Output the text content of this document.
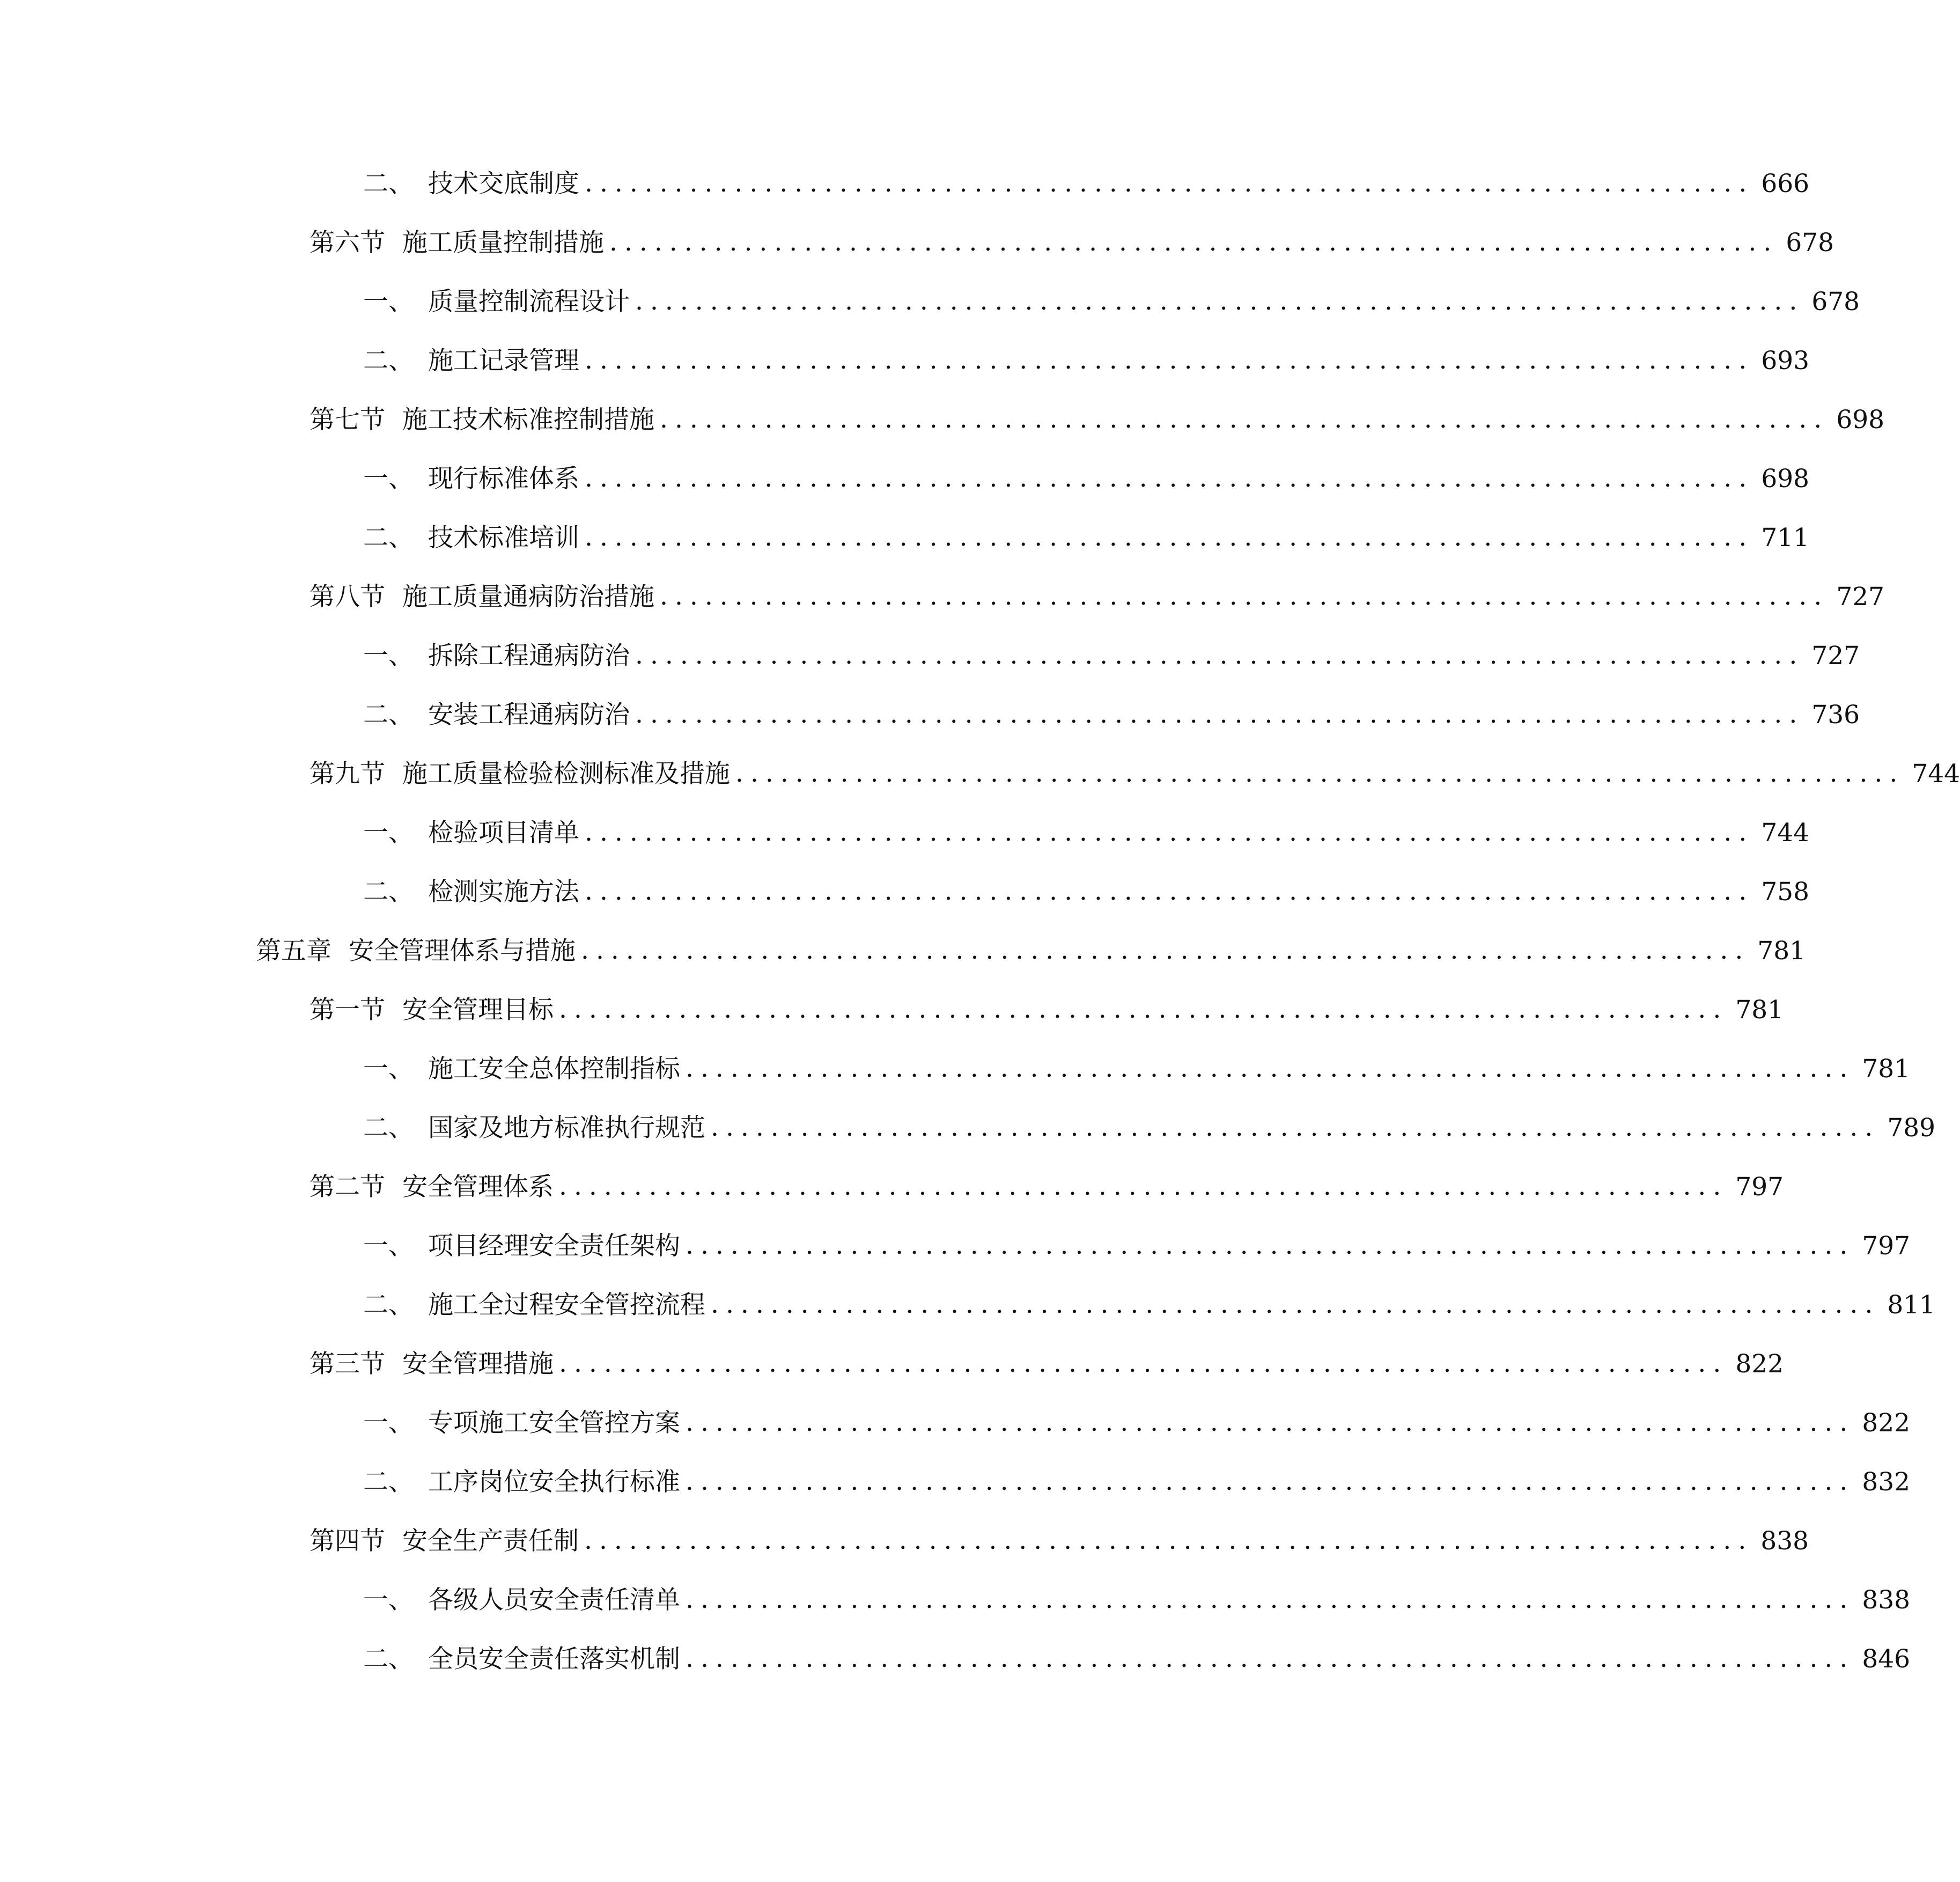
二、 技术交底制度 .............................................................................. 666
第六节 施工质量控制措施 .............................................................................. 678
一、 质量控制流程设计 .............................................................................. 678
二、 施工记录管理 .............................................................................. 693
第七节 施工技术标准控制措施 .............................................................................. 698
一、 现行标准体系 .............................................................................. 698
二、 技术标准培训 .............................................................................. 711
第八节 施工质量通病防治措施 .............................................................................. 727
一、 拆除工程通病防治 .............................................................................. 727
二、 安装工程通病防治 .............................................................................. 736
第九节 施工质量检验检测标准及措施 .............................................................................. 744
一、 检验项目清单 .............................................................................. 744
二、 检测实施方法 .............................................................................. 758
第五章 安全管理体系与措施 .............................................................................. 781
第一节 安全管理目标 .............................................................................. 781
一、 施工安全总体控制指标 .............................................................................. 781
二、 国家及地方标准执行规范 .............................................................................. 789
第二节 安全管理体系 .............................................................................. 797
一、 项目经理安全责任架构 .............................................................................. 797
二、 施工全过程安全管控流程 .............................................................................. 811
第三节 安全管理措施 .............................................................................. 822
一、 专项施工安全管控方案 .............................................................................. 822
二、 工序岗位安全执行标准 .............................................................................. 832
第四节 安全生产责任制 .............................................................................. 838
一、 各级人员安全责任清单 .............................................................................. 838
二、 全员安全责任落实机制 .............................................................................. 846
